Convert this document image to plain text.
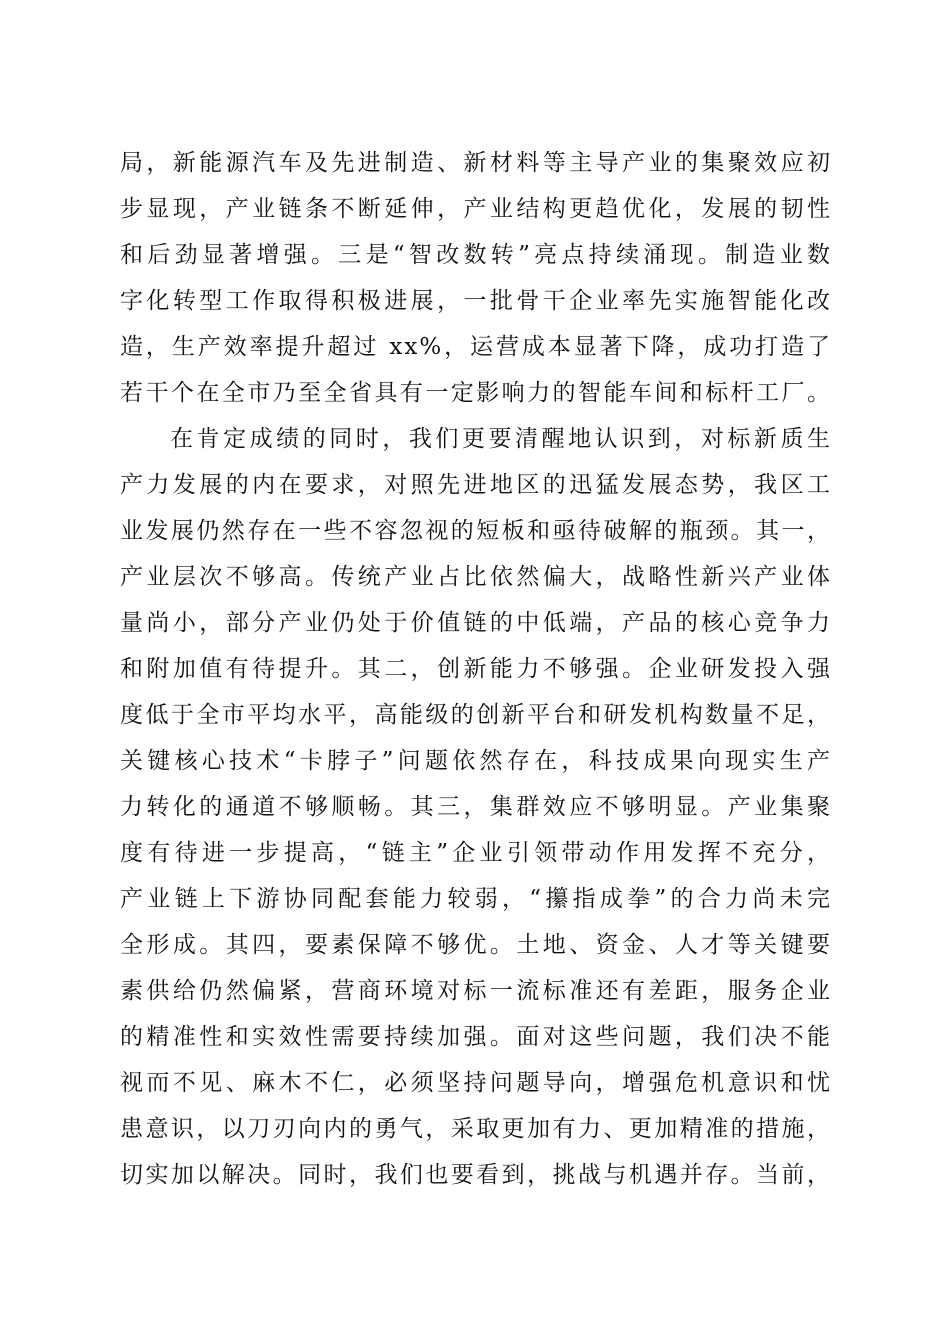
局，新能源汽车及先进制造、新材料等主导产业的集聚效应初
步显现，产业链条不断延伸，产业结构更趋优化，发展的韧性
和后劲显著增强。三是“智改数转”亮点持续涌现。制造业数
字化转型工作取得积极进展，一批骨干企业率先实施智能化改
造，生产效率提升超过 xx%，运营成本显著下降，成功打造了
若干个在全市乃至全省具有一定影响力的智能车间和标杆工厂。
在肯定成绩的同时，我们更要清醒地认识到，对标新质生
产力发展的内在要求，对照先进地区的迅猛发展态势，我区工
业发展仍然存在一些不容忽视的短板和亟待破解的瓶颈。其一，
产业层次不够高。传统产业占比依然偏大，战略性新兴产业体
量尚小，部分产业仍处于价值链的中低端，产品的核心竞争力
和附加值有待提升。其二，创新能力不够强。企业研发投入强
度低于全市平均水平，高能级的创新平台和研发机构数量不足，
关键核心技术“卡脖子”问题依然存在，科技成果向现实生产
力转化的通道不够顺畅。其三，集群效应不够明显。产业集聚
度有待进一步提高，“链主”企业引领带动作用发挥不充分，
产业链上下游协同配套能力较弱，“攥指成拳”的合力尚未完
全形成。其四，要素保障不够优。土地、资金、人才等关键要
素供给仍然偏紧，营商环境对标一流标准还有差距，服务企业
的精准性和实效性需要持续加强。面对这些问题，我们决不能
视而不见、麻木不仁，必须坚持问题导向，增强危机意识和忧
患意识，以刀刃向内的勇气，采取更加有力、更加精准的措施，
切实加以解决。同时，我们也要看到，挑战与机遇并存。当前，
